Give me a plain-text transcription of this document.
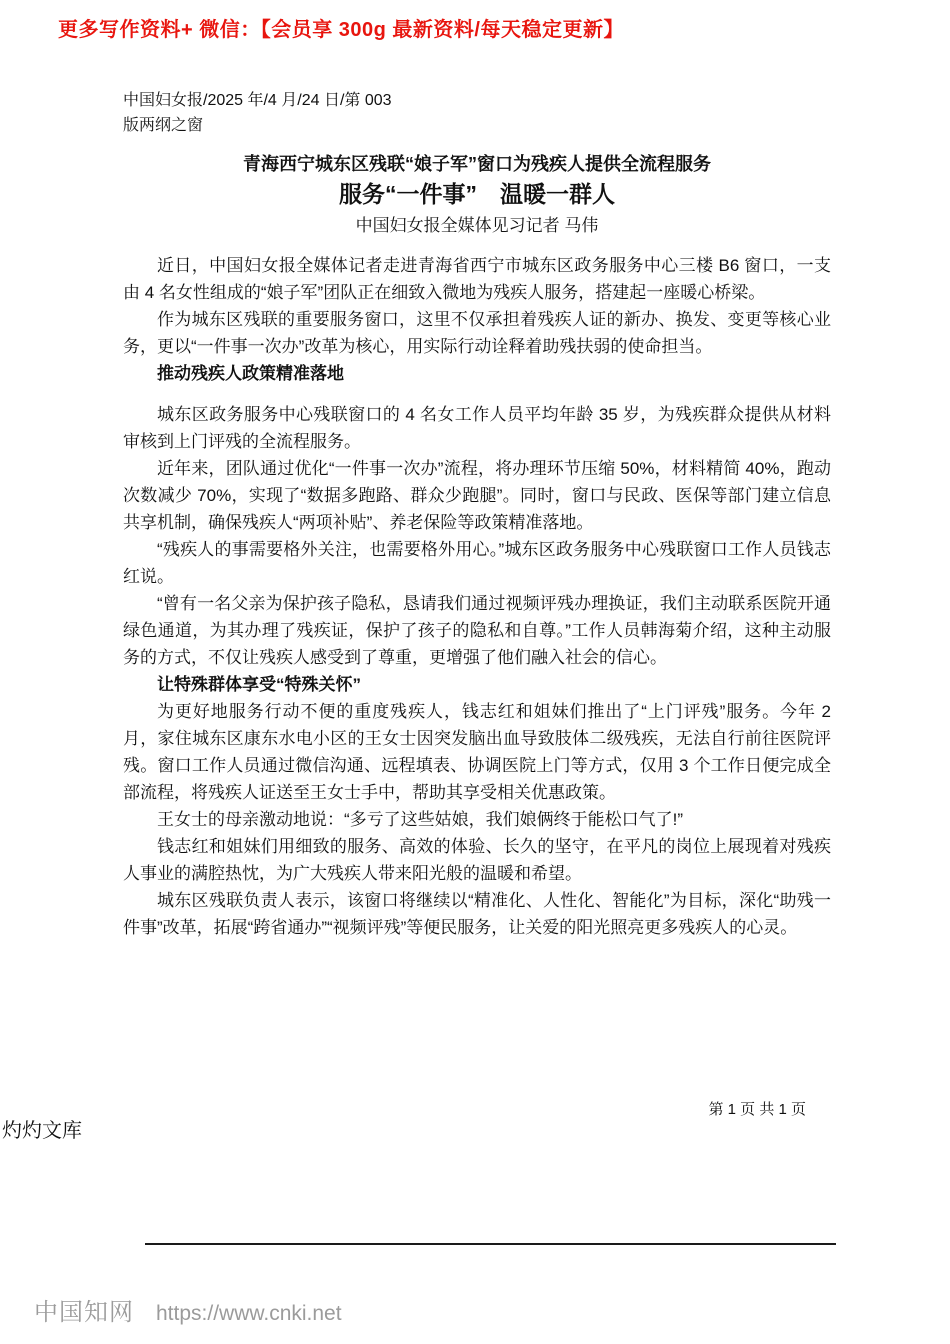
更多写作资料+ 微信：【会员享 300g 最新资料/每天稳定更新】
中国妇女报/2025 年/4 月/24 日/第 003
版两纲之窗
青海西宁城东区残联“娘子军”窗口为残疾人提供全流程服务
服务“一件事”　温暖一群人
中国妇女报全媒体见习记者 马伟

近日，中国妇女报全媒体记者走进青海省西宁市城东区政务服务中心三楼 B6 窗口，一支由 4 名女性组成的“娘子军”团队正在细致入微地为残疾人服务，搭建起一座暖心桥梁。

作为城东区残联的重要服务窗口，这里不仅承担着残疾人证的新办、换发、变更等核心业务，更以“一件事一次办”改革为核心，用实际行动诠释着助残扶弱的使命担当。

推动残疾人政策精准落地

城东区政务服务中心残联窗口的 4 名女工作人员平均年龄 35 岁，为残疾群众提供从材料审核到上门评残的全流程服务。

近年来，团队通过优化“一件事一次办”流程，将办理环节压缩 50%，材料精简 40%，跑动次数减少 70%，实现了“数据多跑路、群众少跑腿”。同时，窗口与民政、医保等部门建立信息共享机制，确保残疾人“两项补贴”、养老保险等政策精准落地。

“残疾人的事需要格外关注，也需要格外用心。”城东区政务服务中心残联窗口工作人员钱志红说。

“曾有一名父亲为保护孩子隐私，恳请我们通过视频评残办理换证，我们主动联系医院开通绿色通道，为其办理了残疾证，保护了孩子的隐私和自尊。”工作人员韩海菊介绍，这种主动服务的方式，不仅让残疾人感受到了尊重，更增强了他们融入社会的信心。

让特殊群体享受“特殊关怀”

为更好地服务行动不便的重度残疾人，钱志红和姐妹们推出了“上门评残”服务。今年 2 月，家住城东区康东水电小区的王女士因突发脑出血导致肢体二级残疾，无法自行前往医院评残。窗口工作人员通过微信沟通、远程填表、协调医院上门等方式，仅用 3 个工作日便完成全部流程，将残疾人证送至王女士手中，帮助其享受相关优惠政策。

王女士的母亲激动地说：“多亏了这些姑娘，我们娘俩终于能松口气了!”

钱志红和姐妹们用细致的服务、高效的体验、长久的坚守，在平凡的岗位上展现着对残疾人事业的满腔热忱，为广大残疾人带来阳光般的温暖和希望。

城东区残联负责人表示，该窗口将继续以“精准化、人性化、智能化”为目标，深化“助残一件事”改革，拓展“跨省通办”“视频评残”等便民服务，让关爱的阳光照亮更多残疾人的心灵。

第 1 页 共 1 页
灼灼文库
中国知网 https://www.cnki.net
